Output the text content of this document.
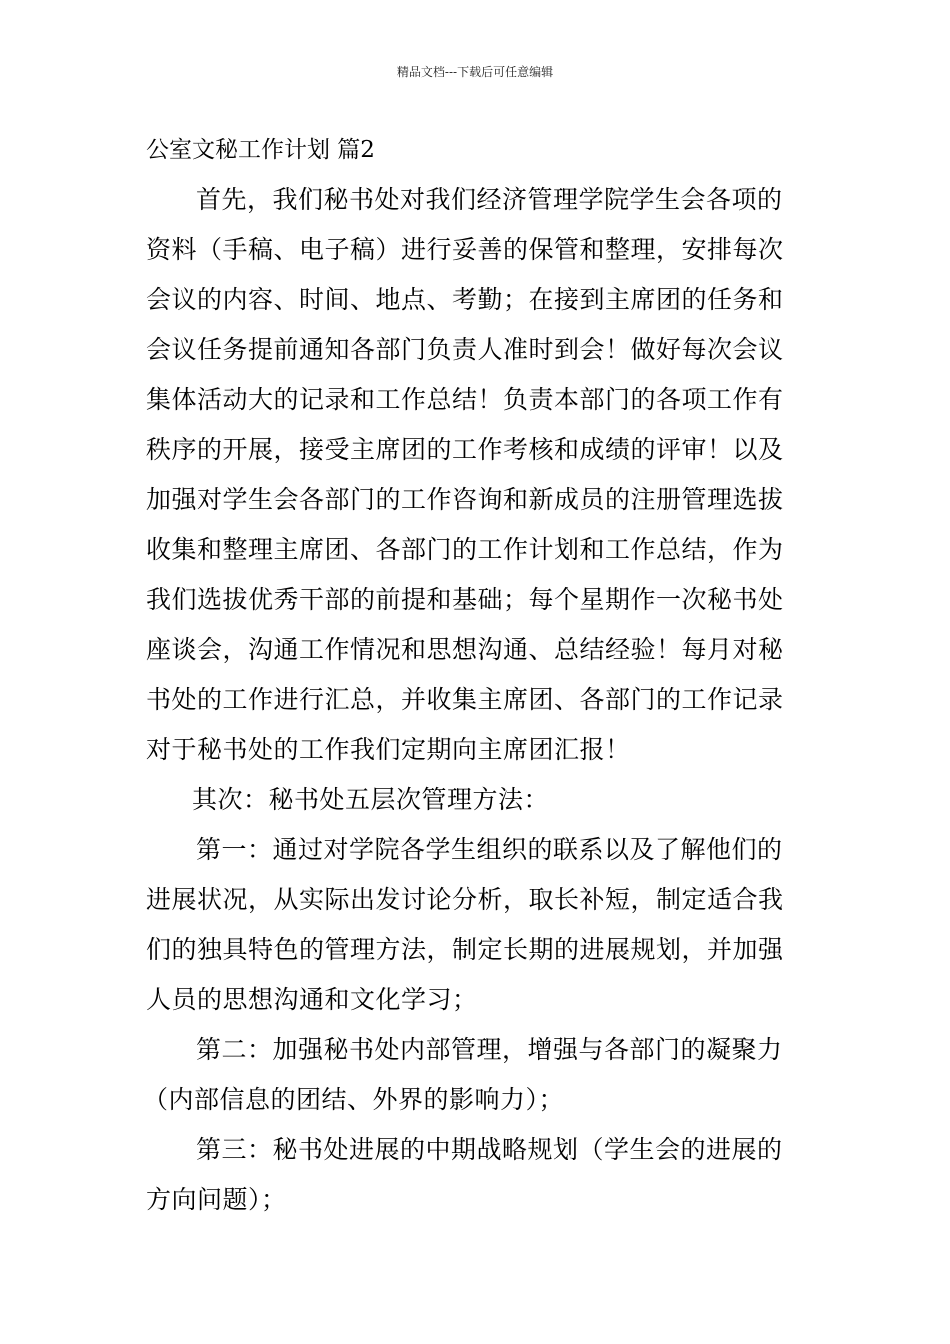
精品文档---下载后可任意编辑
公室文秘工作计划 篇2
首先，我们秘书处对我们经济管理学院学生会各项的
资料（手稿、电子稿）进行妥善的保管和整理，安排每次
会议的内容、时间、地点、考勤；在接到主席团的任务和
会议任务提前通知各部门负责人准时到会！做好每次会议
集体活动大的记录和工作总结！负责本部门的各项工作有
秩序的开展，接受主席团的工作考核和成绩的评审！以及
加强对学生会各部门的工作咨询和新成员的注册管理选拔
收集和整理主席团、各部门的工作计划和工作总结，作为
我们选拔优秀干部的前提和基础；每个星期作一次秘书处
座谈会，沟通工作情况和思想沟通、总结经验！每月对秘
书处的工作进行汇总，并收集主席团、各部门的工作记录
对于秘书处的工作我们定期向主席团汇报！
其次：秘书处五层次管理方法：
第一：通过对学院各学生组织的联系以及了解他们的
进展状况，从实际出发讨论分析，取长补短，制定适合我
们的独具特色的管理方法，制定长期的进展规划，并加强
人员的思想沟通和文化学习；
第二：加强秘书处内部管理，增强与各部门的凝聚力
（内部信息的团结、外界的影响力）；
第三：秘书处进展的中期战略规划（学生会的进展的
方向问题）；
